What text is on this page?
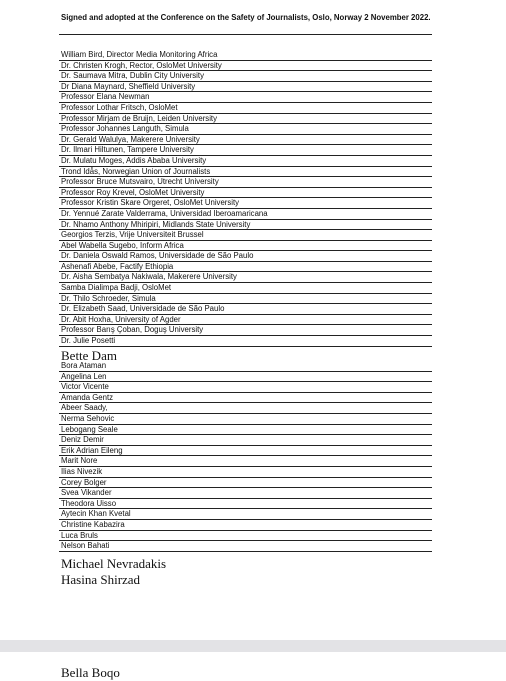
Signed and adopted at the Conference on the Safety of Journalists, Oslo, Norway 2 November 2022.
William Bird, Director Media Monitoring Africa
Dr. Christen Krogh, Rector, OsloMet University
Dr. Saumava Mitra, Dublin City University
Dr Diana Maynard, Sheffield University
Professor Elana Newman
Professor Lothar Fritsch, OsloMet
Professor Mirjam de Bruijn, Leiden University
Professor Johannes Languth, Simula
Dr. Gerald Walulya, Makerere University
Dr. Ilmari Hiltunen, Tampere University
Dr. Mulatu Moges, Addis Ababa University
Trond Idås, Norwegian Union of Journalists
Professor Bruce Mutsvairo, Utrecht University
Professor Roy Krevel, OsloMet University
Professor Kristin Skare Orgeret, OsloMet University
Dr. Yennué Zarate Valderrama, Universidad Iberoamaricana
Dr. Nhamo Anthony Mhiripiri, Midlands State University
Georgios Terzis, Vrije Universiteit Brussel
Abel Wabella Sugebo, Inform Africa
Dr. Daniela Oswald Ramos, Universidade de São Paulo
Ashenafi Abebe, Factify Ethiopia
Dr. Aisha Sembatya Nakiwala, Makerere University
Samba Dialimpa Badji, OsloMet
Dr. Thilo Schroeder, Simula
Dr. Elizabeth Saad, Universidade de São Paulo
Dr. Abit Hoxha, University of Agder
Professor Barış Çoban, Doguş University
Dr. Julie Posetti
Bette Dam
Bora Ataman
Angelina Len
Victor Vicente
Amanda Gentz
Abeer Saady,
Nerma Sehovic
Lebogang Seale
Deniz Demir
Erik Adrian Eileng
Marit Nore
Ilias Nivezik
Corey Bolger
Svea Vikander
Theodora Uisso
Aytecin Khan Kvetal
Christine Kabazira
Luca Bruls
Nelson Bahati
Michael Nevradakis
Hasina Shirzad
Bella Boqo
